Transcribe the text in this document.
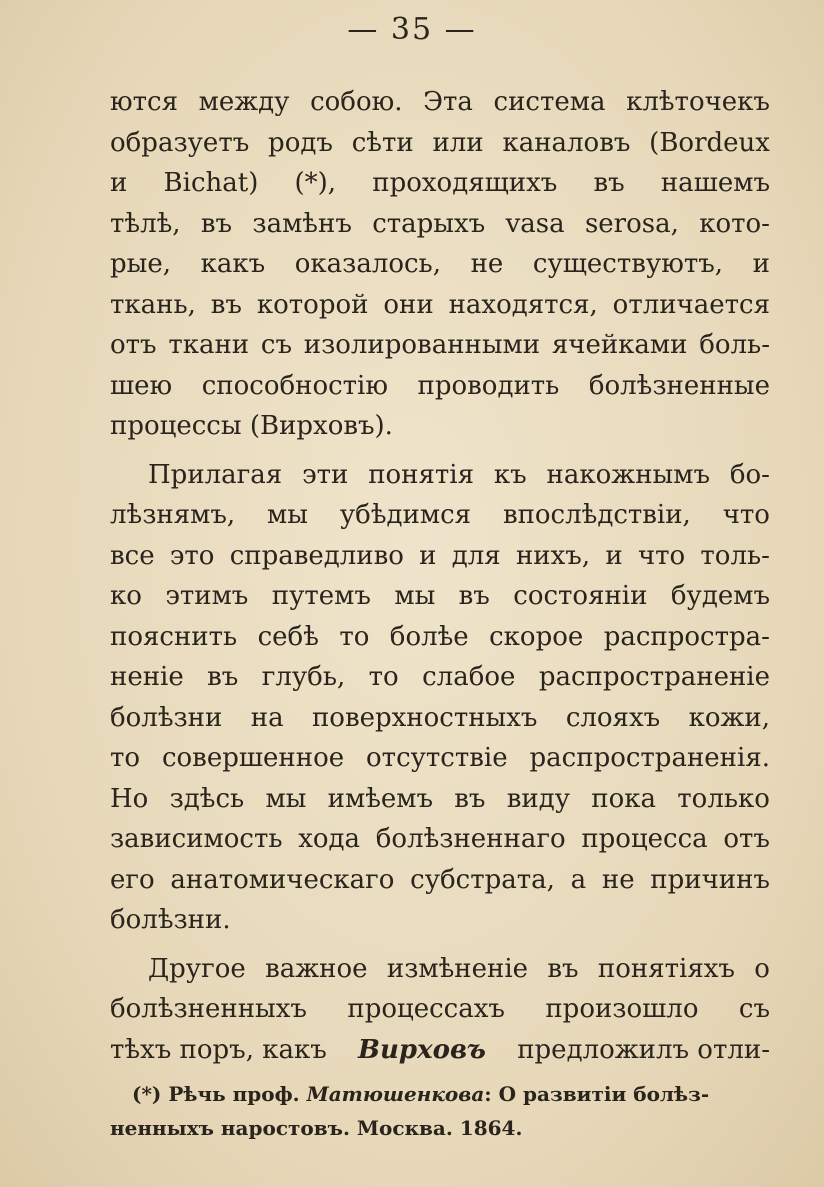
— 35 —
ются между собою. Эта система клѣточекъ
образуетъ родъ сѣти или каналовъ (Bordeux
и Bichat) (*), проходящихъ въ нашемъ
тѣлѣ, въ замѣнъ старыхъ vasa serosa, кото-
рые, какъ оказалось, не существуютъ, и
ткань, въ которой они находятся, отличается
отъ ткани съ изолированными ячейками боль-
шею способностію проводить болѣзненные
процессы (Вирховъ).
Прилагая эти понятія къ накожнымъ бо-
лѣзнямъ, мы убѣдимся впослѣдствіи, что
все это справедливо и для нихъ, и что толь-
ко этимъ путемъ мы въ состояніи будемъ
пояснить себѣ то болѣе скорое распростра-
неніе въ глубь, то слабое распространеніе
болѣзни на поверхностныхъ слояхъ кожи,
то совершенное отсутствіе распространенія.
Но здѣсь мы имѣемъ въ виду пока только
зависимость хода болѣзненнаго процесса отъ
его анатомическаго субстрата, а не причинъ
болѣзни.
Другое важное измѣненіе въ понятіяхъ о
болѣзненныхъ процессахъ произошло съ
тѣхъ поръ, какъ Вирховъ предложилъ отли-
(*) Рѣчь проф. Матюшенкова: О развитіи болѣз-
ненныхъ наростовъ. Москва. 1864.
